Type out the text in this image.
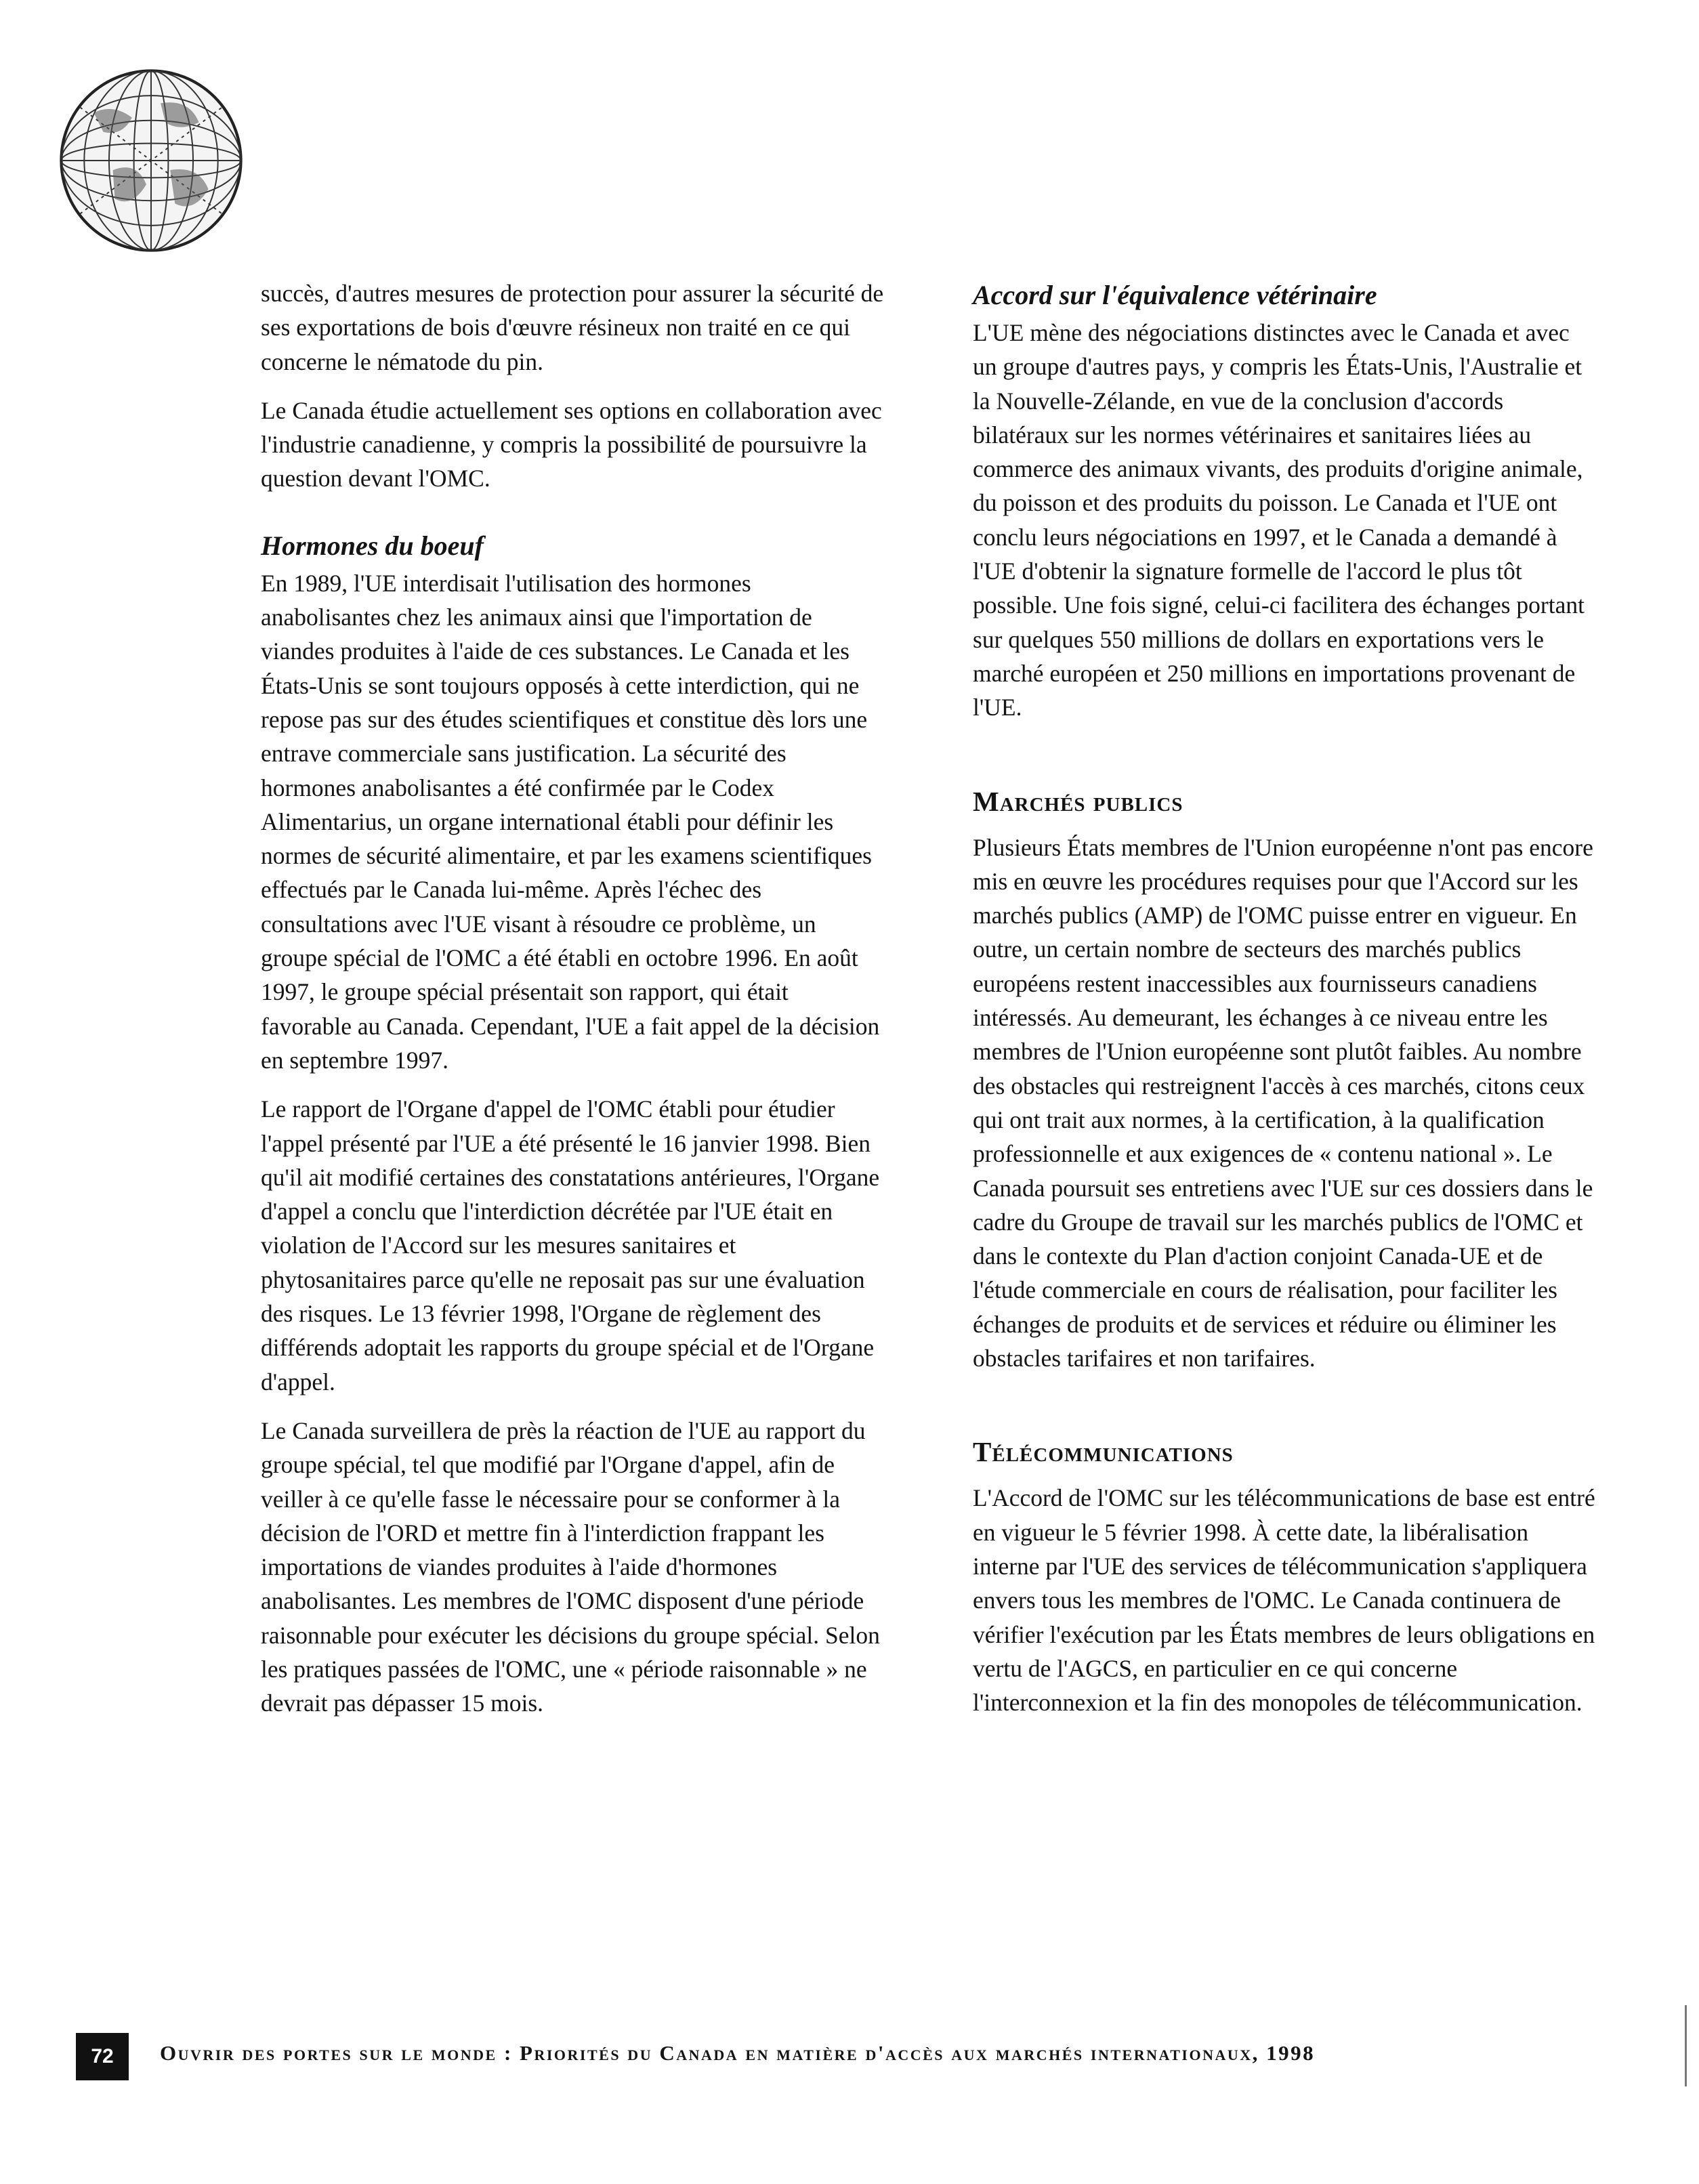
succès, d'autres mesures de protection pour assurer la sécurité de ses exportations de bois d'œuvre résineux non traité en ce qui concerne le nématode du pin.

Le Canada étudie actuellement ses options en collaboration avec l'industrie canadienne, y compris la possibilité de poursuivre la question devant l'OMC.

Hormones du boeuf

En 1989, l'UE interdisait l'utilisation des hormones anabolisantes chez les animaux ainsi que l'importation de viandes produites à l'aide de ces substances. Le Canada et les États-Unis se sont toujours opposés à cette interdiction, qui ne repose pas sur des études scientifiques et constitue dès lors une entrave commerciale sans justification. La sécurité des hormones anabolisantes a été confirmée par le Codex Alimentarius, un organe international établi pour définir les normes de sécurité alimentaire, et par les examens scientifiques effectués par le Canada lui-même. Après l'échec des consultations avec l'UE visant à résoudre ce problème, un groupe spécial de l'OMC a été établi en octobre 1996. En août 1997, le groupe spécial présentait son rapport, qui était favorable au Canada. Cependant, l'UE a fait appel de la décision en septembre 1997.

Le rapport de l'Organe d'appel de l'OMC établi pour étudier l'appel présenté par l'UE a été présenté le 16 janvier 1998. Bien qu'il ait modifié certaines des constatations antérieures, l'Organe d'appel a conclu que l'interdiction décrétée par l'UE était en violation de l'Accord sur les mesures sanitaires et phytosanitaires parce qu'elle ne reposait pas sur une évaluation des risques. Le 13 février 1998, l'Organe de règlement des différends adoptait les rapports du groupe spécial et de l'Organe d'appel.

Le Canada surveillera de près la réaction de l'UE au rapport du groupe spécial, tel que modifié par l'Organe d'appel, afin de veiller à ce qu'elle fasse le nécessaire pour se conformer à la décision de l'ORD et mettre fin à l'interdiction frappant les importations de viandes produites à l'aide d'hormones anabolisantes. Les membres de l'OMC disposent d'une période raisonnable pour exécuter les décisions du groupe spécial. Selon les pratiques passées de l'OMC, une « période raisonnable » ne devrait pas dépasser 15 mois.

Accord sur l'équivalence vétérinaire

L'UE mène des négociations distinctes avec le Canada et avec un groupe d'autres pays, y compris les États-Unis, l'Australie et la Nouvelle-Zélande, en vue de la conclusion d'accords bilatéraux sur les normes vétérinaires et sanitaires liées au commerce des animaux vivants, des produits d'origine animale, du poisson et des produits du poisson. Le Canada et l'UE ont conclu leurs négociations en 1997, et le Canada a demandé à l'UE d'obtenir la signature formelle de l'accord le plus tôt possible. Une fois signé, celui-ci facilitera des échanges portant sur quelques 550 millions de dollars en exportations vers le marché européen et 250 millions en importations provenant de l'UE.

Marchés publics

Plusieurs États membres de l'Union européenne n'ont pas encore mis en œuvre les procédures requises pour que l'Accord sur les marchés publics (AMP) de l'OMC puisse entrer en vigueur. En outre, un certain nombre de secteurs des marchés publics européens restent inaccessibles aux fournisseurs canadiens intéressés. Au demeurant, les échanges à ce niveau entre les membres de l'Union européenne sont plutôt faibles. Au nombre des obstacles qui restreignent l'accès à ces marchés, citons ceux qui ont trait aux normes, à la certification, à la qualification professionnelle et aux exigences de « contenu national ». Le Canada poursuit ses entretiens avec l'UE sur ces dossiers dans le cadre du Groupe de travail sur les marchés publics de l'OMC et dans le contexte du Plan d'action conjoint Canada-UE et de l'étude commerciale en cours de réalisation, pour faciliter les échanges de produits et de services et réduire ou éliminer les obstacles tarifaires et non tarifaires.

Télécommunications

L'Accord de l'OMC sur les télécommunications de base est entré en vigueur le 5 février 1998. À cette date, la libéralisation interne par l'UE des services de télécommunication s'appliquera envers tous les membres de l'OMC. Le Canada continuera de vérifier l'exécution par les États membres de leurs obligations en vertu de l'AGCS, en particulier en ce qui concerne l'interconnexion et la fin des monopoles de télécommunication.

72	Ouvrir des portes sur le monde : Priorités du Canada en matière d'accès aux marchés internationaux, 1998
